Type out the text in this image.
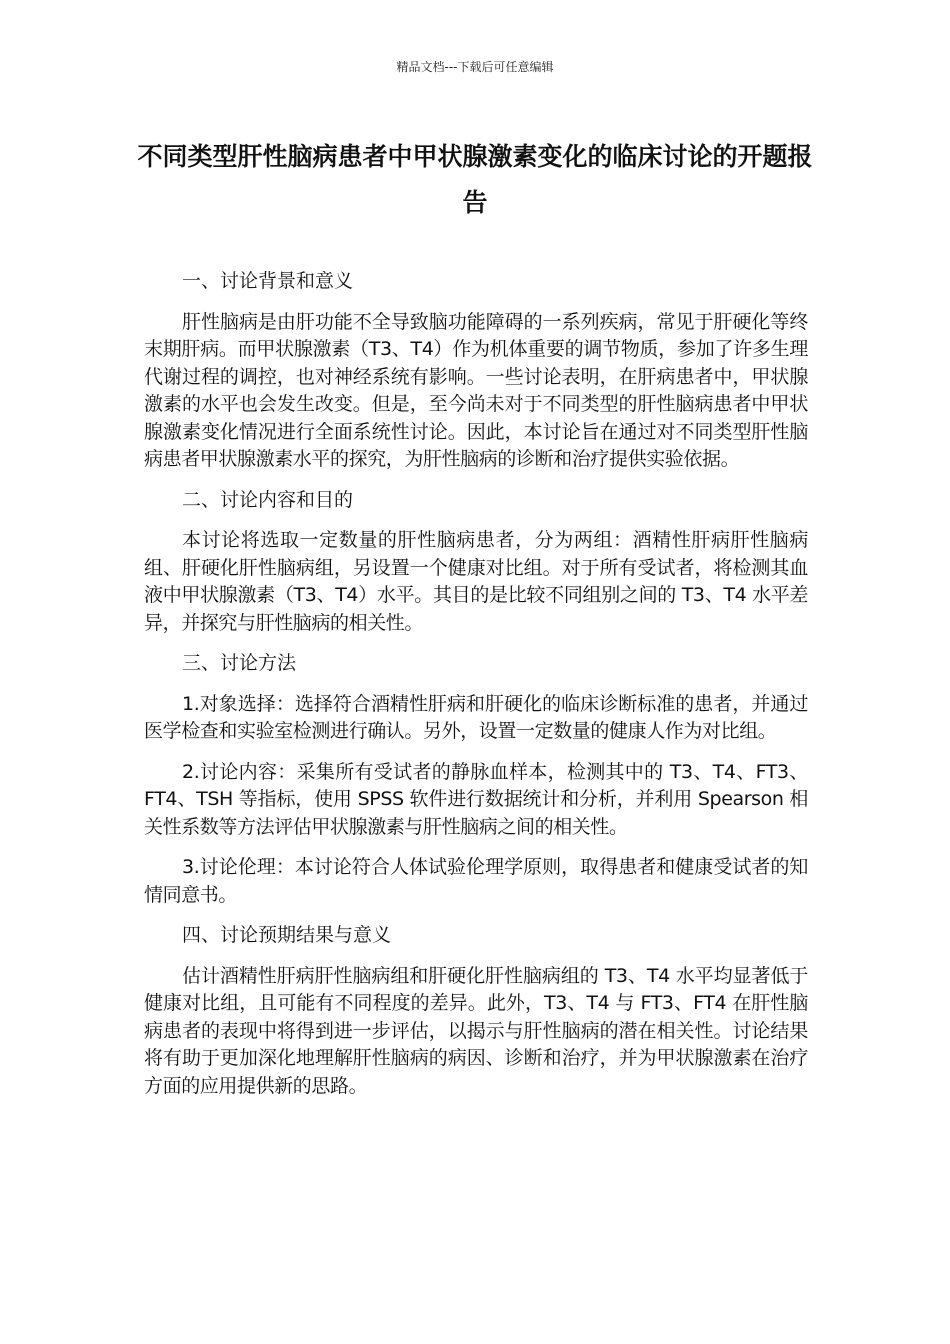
精品文档---下载后可任意编辑
不同类型肝性脑病患者中甲状腺激素变化的临床讨论的开题报告

一、讨论背景和意义

肝性脑病是由肝功能不全导致脑功能障碍的一系列疾病，常见于肝硬化等终末期肝病。而甲状腺激素（T3、T4）作为机体重要的调节物质，参加了许多生理代谢过程的调控，也对神经系统有影响。一些讨论表明，在肝病患者中，甲状腺激素的水平也会发生改变。但是，至今尚未对于不同类型的肝性脑病患者中甲状腺激素变化情况进行全面系统性讨论。因此，本讨论旨在通过对不同类型肝性脑病患者甲状腺激素水平的探究，为肝性脑病的诊断和治疗提供实验依据。

二、讨论内容和目的

本讨论将选取一定数量的肝性脑病患者，分为两组：酒精性肝病肝性脑病组、肝硬化肝性脑病组，另设置一个健康对比组。对于所有受试者，将检测其血液中甲状腺激素（T3、T4）水平。其目的是比较不同组别之间的 T3、T4 水平差异，并探究与肝性脑病的相关性。

三、讨论方法

1.对象选择：选择符合酒精性肝病和肝硬化的临床诊断标准的患者，并通过医学检查和实验室检测进行确认。另外，设置一定数量的健康人作为对比组。

2.讨论内容：采集所有受试者的静脉血样本，检测其中的 T3、T4、FT3、FT4、TSH 等指标，使用 SPSS 软件进行数据统计和分析，并利用 Spearson 相关性系数等方法评估甲状腺激素与肝性脑病之间的相关性。

3.讨论伦理：本讨论符合人体试验伦理学原则，取得患者和健康受试者的知情同意书。

四、讨论预期结果与意义

估计酒精性肝病肝性脑病组和肝硬化肝性脑病组的 T3、T4 水平均显著低于健康对比组，且可能有不同程度的差异。此外，T3、T4 与 FT3、FT4 在肝性脑病患者的表现中将得到进一步评估，以揭示与肝性脑病的潜在相关性。讨论结果将有助于更加深化地理解肝性脑病的病因、诊断和治疗，并为甲状腺激素在治疗方面的应用提供新的思路。
